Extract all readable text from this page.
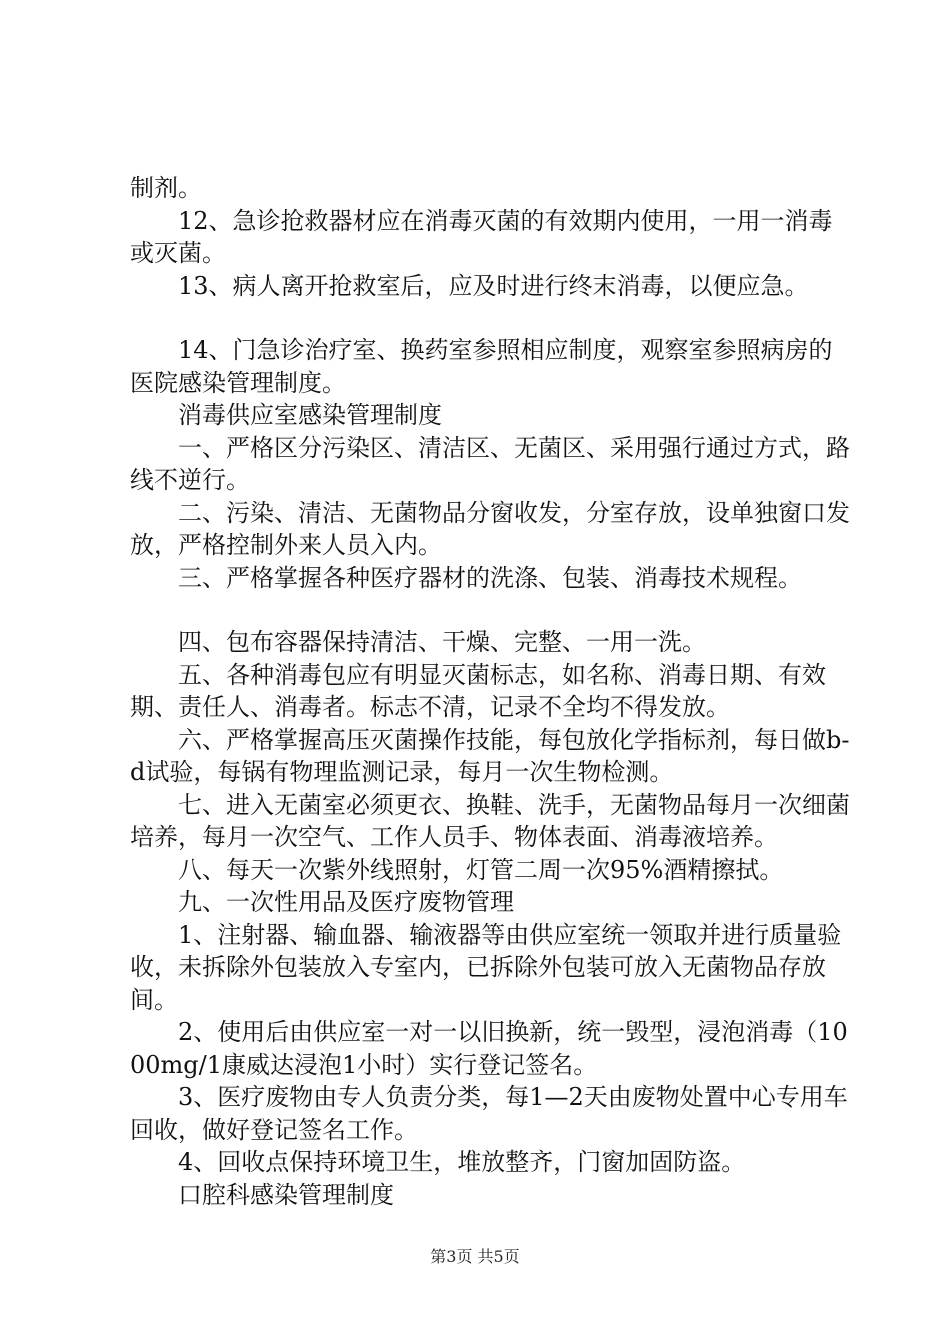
制剂。

12、急诊抢救器材应在消毒灭菌的有效期内使用，一用一消毒或灭菌。

13、病人离开抢救室后，应及时进行终末消毒，以便应急。

14、门急诊治疗室、换药室参照相应制度，观察室参照病房的医院感染管理制度。

消毒供应室感染管理制度

一、严格区分污染区、清洁区、无菌区、采用强行通过方式，路线不逆行。

二、污染、清洁、无菌物品分窗收发，分室存放，设单独窗口发放，严格控制外来人员入内。

三、严格掌握各种医疗器材的洗涤、包装、消毒技术规程。

四、包布容器保持清洁、干燥、完整、一用一洗。

五、各种消毒包应有明显灭菌标志，如名称、消毒日期、有效期、责任人、消毒者。标志不清，记录不全均不得发放。

六、严格掌握高压灭菌操作技能，每包放化学指标剂，每日做b-d试验，每锅有物理监测记录，每月一次生物检测。

七、进入无菌室必须更衣、换鞋、洗手，无菌物品每月一次细菌培养，每月一次空气、工作人员手、物体表面、消毒液培养。

八、每天一次紫外线照射，灯管二周一次95%酒精擦拭。

九、一次性用品及医疗废物管理

1、注射器、输血器、输液器等由供应室统一领取并进行质量验收，未拆除外包装放入专室内，已拆除外包装可放入无菌物品存放间。

2、使用后由供应室一对一以旧换新，统一毁型，浸泡消毒（1000mg/1康威达浸泡1小时）实行登记签名。

3、医疗废物由专人负责分类，每1—2天由废物处置中心专用车回收，做好登记签名工作。

4、回收点保持环境卫生，堆放整齐，门窗加固防盗。

口腔科感染管理制度

第3页 共5页
